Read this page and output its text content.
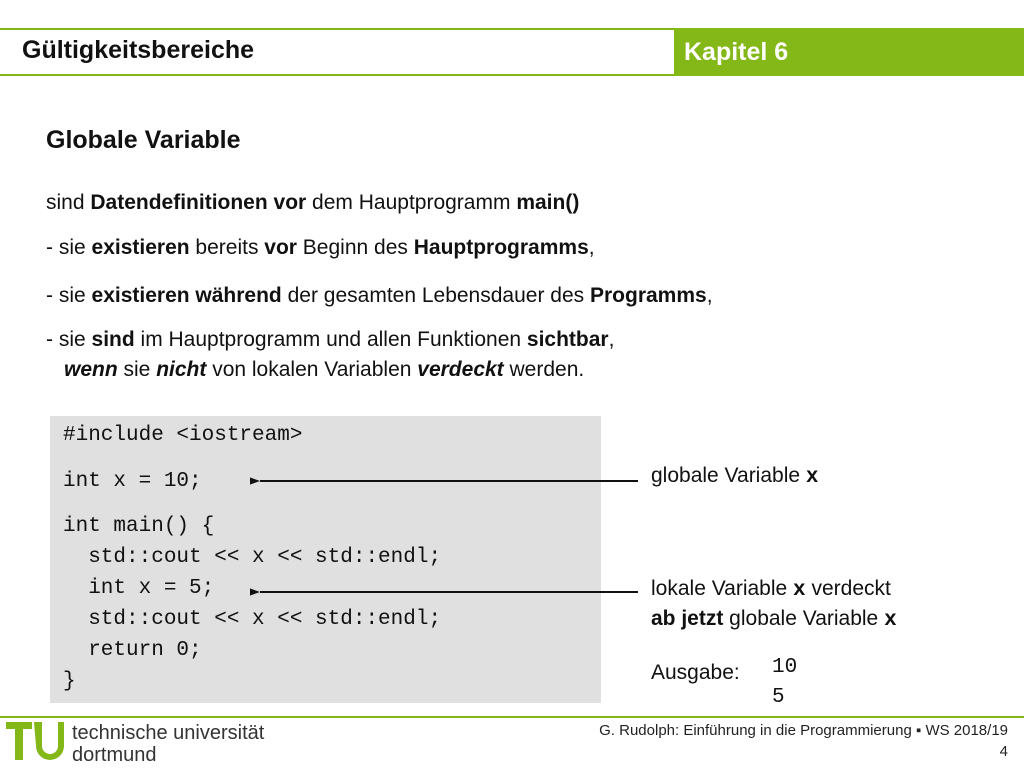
Gültigkeitsbereiche	Kapitel 6
Globale Variable
sind Datendefinitionen vor dem Hauptprogramm main()
- sie existieren bereits vor Beginn des Hauptprogramms,
- sie existieren während der gesamten Lebensdauer des Programms,
- sie sind im Hauptprogramm und allen Funktionen sichtbar,
wenn sie nicht von lokalen Variablen verdeckt werden.
#include <iostream>
int x = 10;
int main() {
std::cout << x << std::endl;
int x = 5;
std::cout << x << std::endl;
return 0;
}
globale Variable x
lokale Variable x verdeckt
ab jetzt globale Variable x
Ausgabe: 10
5
technische universität
dortmund
G. Rudolph: Einführung in die Programmierung ▪ WS 2018/19
4
